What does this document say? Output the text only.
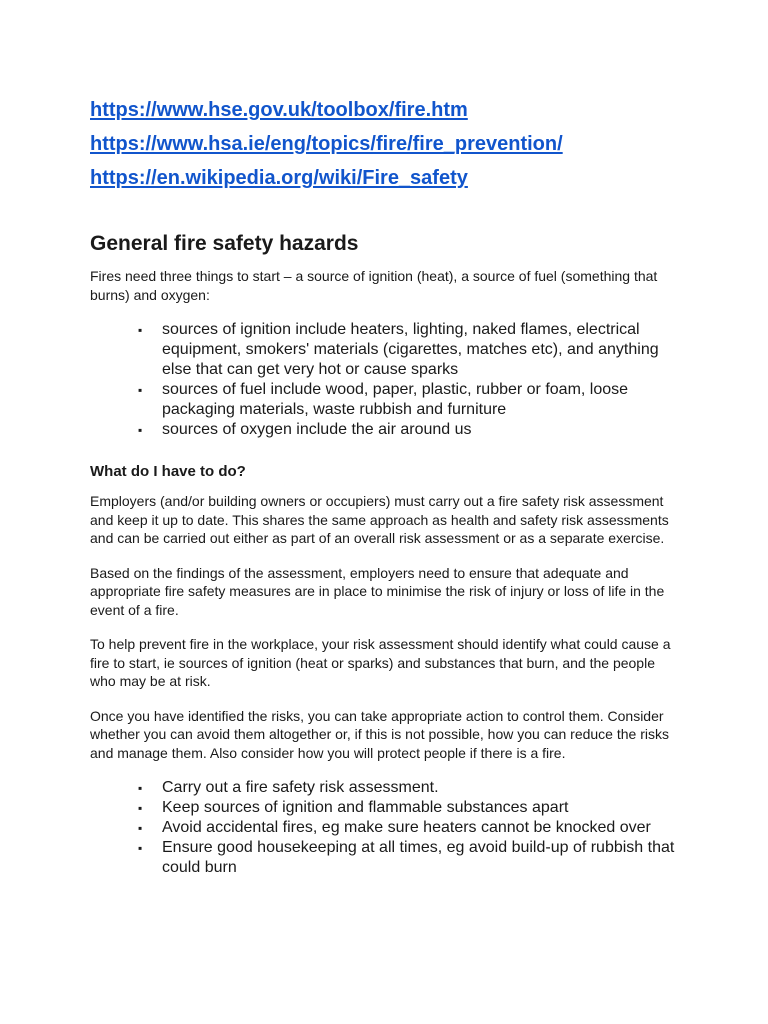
https://www.hse.gov.uk/toolbox/fire.htm
https://www.hsa.ie/eng/topics/fire/fire_prevention/
https://en.wikipedia.org/wiki/Fire_safety
General fire safety hazards

Fires need three things to start – a source of ignition (heat), a source of fuel (something that burns) and oxygen:

▪ sources of ignition include heaters, lighting, naked flames, electrical equipment, smokers' materials (cigarettes, matches etc), and anything else that can get very hot or cause sparks
▪ sources of fuel include wood, paper, plastic, rubber or foam, loose packaging materials, waste rubbish and furniture
▪ sources of oxygen include the air around us
What do I have to do?

Employers (and/or building owners or occupiers) must carry out a fire safety risk assessment and keep it up to date. This shares the same approach as health and safety risk assessments and can be carried out either as part of an overall risk assessment or as a separate exercise.

Based on the findings of the assessment, employers need to ensure that adequate and appropriate fire safety measures are in place to minimise the risk of injury or loss of life in the event of a fire.

To help prevent fire in the workplace, your risk assessment should identify what could cause a fire to start, ie sources of ignition (heat or sparks) and substances that burn, and the people who may be at risk.

Once you have identified the risks, you can take appropriate action to control them. Consider whether you can avoid them altogether or, if this is not possible, how you can reduce the risks and manage them. Also consider how you will protect people if there is a fire.

▪ Carry out a fire safety risk assessment.
▪ Keep sources of ignition and flammable substances apart
▪ Avoid accidental fires, eg make sure heaters cannot be knocked over
▪ Ensure good housekeeping at all times, eg avoid build-up of rubbish that could burn
